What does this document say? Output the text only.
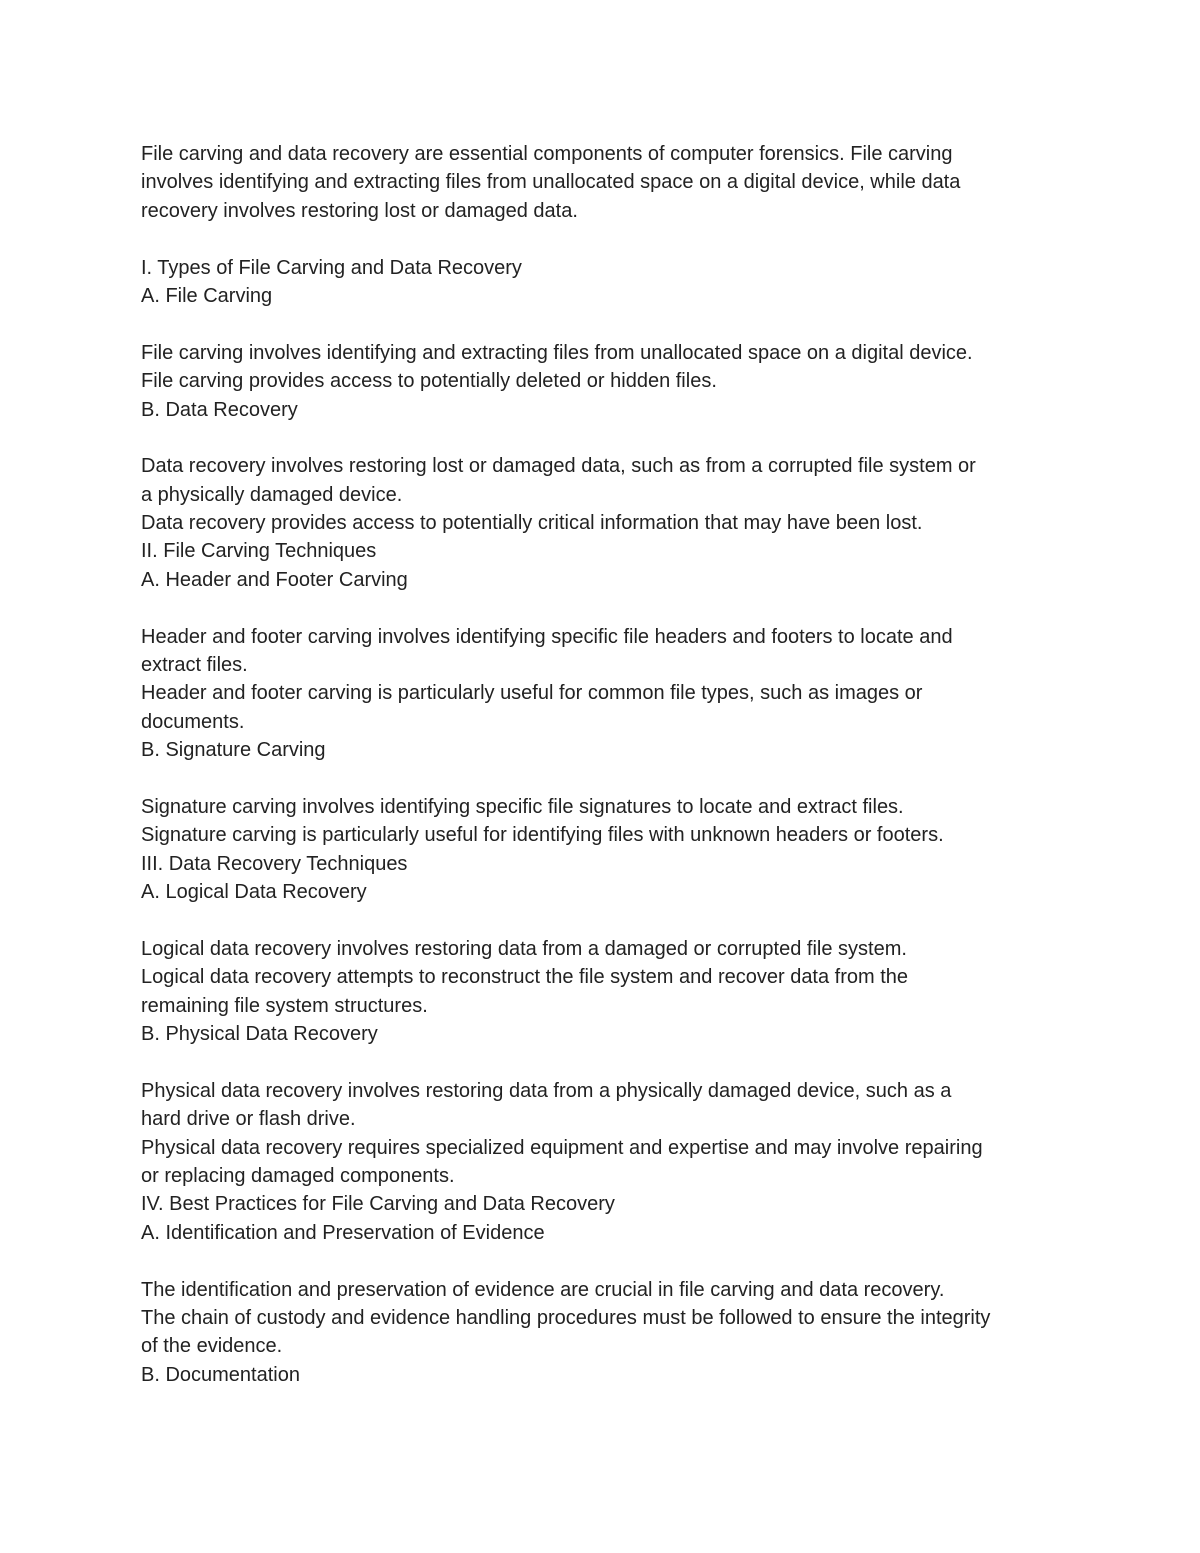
File carving and data recovery are essential components of computer forensics. File carving
involves identifying and extracting files from unallocated space on a digital device, while data
recovery involves restoring lost or damaged data.
I. Types of File Carving and Data Recovery
A. File Carving
File carving involves identifying and extracting files from unallocated space on a digital device.
File carving provides access to potentially deleted or hidden files.
B. Data Recovery
Data recovery involves restoring lost or damaged data, such as from a corrupted file system or
a physically damaged device.
Data recovery provides access to potentially critical information that may have been lost.
II. File Carving Techniques
A. Header and Footer Carving
Header and footer carving involves identifying specific file headers and footers to locate and
extract files.
Header and footer carving is particularly useful for common file types, such as images or
documents.
B. Signature Carving
Signature carving involves identifying specific file signatures to locate and extract files.
Signature carving is particularly useful for identifying files with unknown headers or footers.
III. Data Recovery Techniques
A. Logical Data Recovery
Logical data recovery involves restoring data from a damaged or corrupted file system.
Logical data recovery attempts to reconstruct the file system and recover data from the
remaining file system structures.
B. Physical Data Recovery
Physical data recovery involves restoring data from a physically damaged device, such as a
hard drive or flash drive.
Physical data recovery requires specialized equipment and expertise and may involve repairing
or replacing damaged components.
IV. Best Practices for File Carving and Data Recovery
A. Identification and Preservation of Evidence
The identification and preservation of evidence are crucial in file carving and data recovery.
The chain of custody and evidence handling procedures must be followed to ensure the integrity
of the evidence.
B. Documentation
